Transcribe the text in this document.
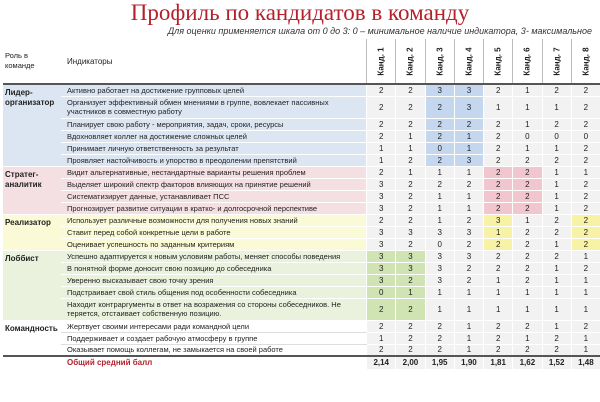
Профиль по кандидатов в команду
Для оценки применяется шкала от 0 до 3: 0 – минимальное наличие индикатора, 3- максимальное
Роль в команде	Индикаторы	Канд. 1	Канд. 2	Канд. 3	Канд. 4	Канд. 5	Канд. 6	Канд. 7	Канд. 8
Лидер-организатор	Активно работает на достижение групповых целей	2	2	3	3	2	1	2	2
	Организует эффективный обмен мнениями в группе, вовлекает пассивных участников в совместную работу	2	2	2	3	1	1	1	2
	Планирует свою работу - мероприятия, задач, сроки, ресурсы	2	2	2	2	2	1	2	2
	Вдохновляет коллег на достижение сложных целей	2	1	2	1	2	0	0	0
	Принимает личную ответственность за результат	1	1	0	1	2	1	1	2
	Проявляет настойчивость и упорство в преодолении препятствий	1	2	2	3	2	2	2	2
Стратег-аналитик	Видит альтернативные, нестандартные варианты решения проблем	2	1	1	1	2	2	1	1
	Выделяет широкий спектр факторов влияющих на принятие решений	3	2	2	2	2	2	1	2
	Систематизирует данные, устанавливает ПСС	3	2	1	1	2	2	1	2
	Прогнозирует развитие ситуации в кратко- и долгосрочной перспективе	3	2	1	1	2	2	1	2
Реализатор	Использует различные возможности для получения новых знаний	2	2	1	2	3	1	2	2
	Ставит перед собой конкретные цели в работе	3	3	3	3	1	2	2	2
	Оценивает успешность по заданным критериям	3	2	0	2	2	2	1	2
Лоббист	Успешно адаптируется к новым условиям работы, меняет способы поведения	3	3	3	3	2	2	2	1
	В понятной форме доносит свою позицию до собеседника	3	3	3	2	2	2	1	2
	Уверенно высказывает свою точку зрения	3	2	3	2	1	2	1	1
	Подстраивает свой стиль общения под особенности собеседника	0	1	1	1	1	1	1	1
	Находит контраргументы в ответ на возражения со стороны собеседников. Не теряется, отстаивает собственную позицию.	2	2	1	1	1	1	1	1
Командность	Жертвует своими интересами ради командной цели	2	2	2	1	2	2	1	2
	Поддерживает и создает рабочую атмосферу в группе	1	2	2	1	2	1	2	1
	Оказывает помощь коллегам, не замыкается на своей работе	2	2	2	1	2	2	2	1
	Общий средний балл	2,14	2,00	1,95	1,90	1,81	1,62	1,52	1,48
